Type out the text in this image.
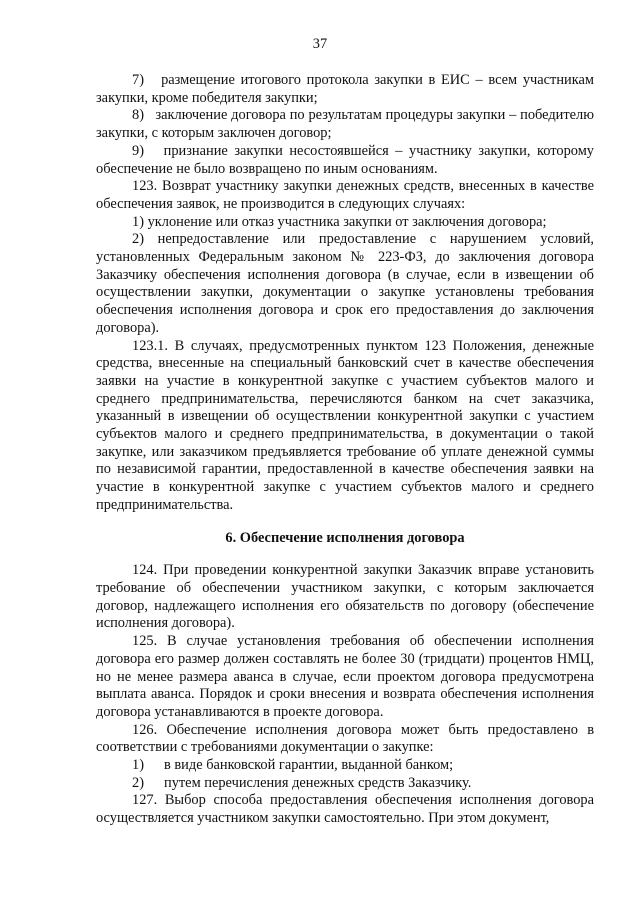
37

7)   размещение итогового протокола закупки в ЕИС – всем участникам закупки, кроме победителя закупки;

8)   заключение договора по результатам процедуры закупки – победителю закупки, с которым заключен договор;

9)   признание закупки несостоявшейся – участнику закупки, которому обеспечение не было возвращено по иным основаниям.

123. Возврат участнику закупки денежных средств, внесенных в качестве обеспечения заявок, не производится в следующих случаях:

1) уклонение или отказ участника закупки от заключения договора;

2) непредоставление или предоставление с нарушением условий, установленных Федеральным законом № 223-ФЗ, до заключения договора Заказчику обеспечения исполнения договора (в случае, если в извещении об осуществлении закупки, документации о закупке установлены требования обеспечения исполнения договора и срок его предоставления до заключения договора).

123.1. В случаях, предусмотренных пунктом 123 Положения, денежные средства, внесенные на специальный банковский счет в качестве обеспечения заявки на участие в конкурентной закупке с участием субъектов малого и среднего предпринимательства, перечисляются банком на счет заказчика, указанный в извещении об осуществлении конкурентной закупки с участием субъектов малого и среднего предпринимательства, в документации о такой закупке, или заказчиком предъявляется требование об уплате денежной суммы по независимой гарантии, предоставленной в качестве обеспечения заявки на участие в конкурентной закупке с участием субъектов малого и среднего предпринимательства.

6. Обеспечение исполнения договора

124. При проведении конкурентной закупки Заказчик вправе установить требование об обеспечении участником закупки, с которым заключается договор, надлежащего исполнения его обязательств по договору (обеспечение исполнения договора).

125. В случае установления требования об обеспечении исполнения договора его размер должен составлять не более 30 (тридцати) процентов НМЦ, но не менее размера аванса в случае, если проектом договора предусмотрена выплата аванса. Порядок и сроки внесения и возврата обеспечения исполнения договора устанавливаются в проекте договора.

126. Обеспечение исполнения договора может быть предоставлено в соответствии с требованиями документации о закупке:

1) в виде банковской гарантии, выданной банком;

2) путем перечисления денежных средств Заказчику.

127. Выбор способа предоставления обеспечения исполнения договора осуществляется участником закупки самостоятельно. При этом документ,
